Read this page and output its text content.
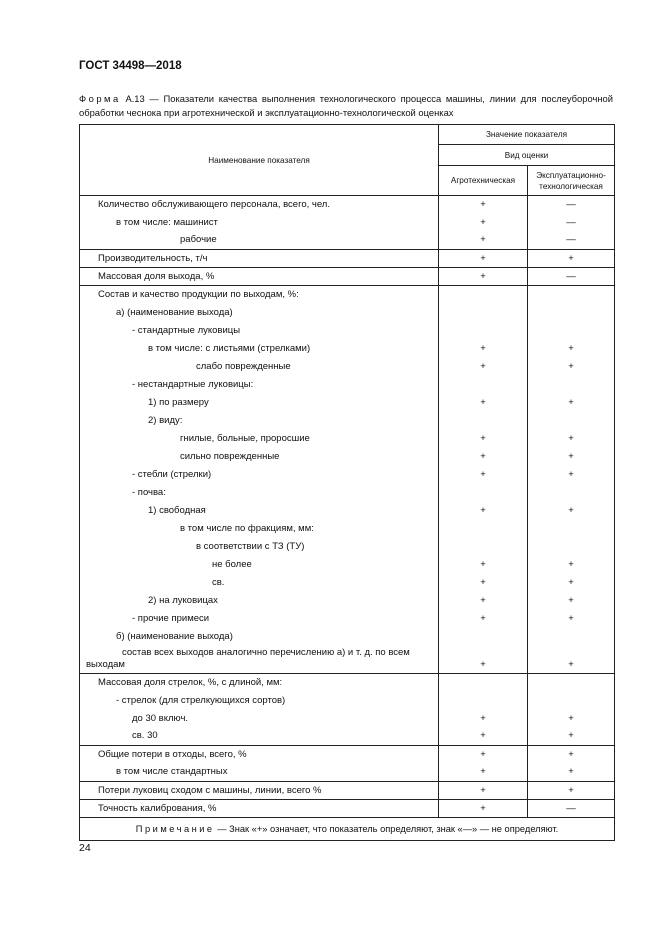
ГОСТ 34498—2018
Форма А.13 — Показатели качества выполнения технологического процесса машины, линии для послеуборочной обработки чеснока при агротехнической и эксплуатационно-технологической оценках
Наименование показателя	Значение показателя	
	Вид оценки	
	Агротехническая	Эксплуатационно-технологическая
Количество обслуживающего персонала, всего, чел.	+	—
в том числе: машинист	+	—
рабочие	+	—
Производительность, т/ч	+	+
Массовая доля выхода, %	+	—
Состав и качество продукции по выходам, %:		
а) (наименование выхода)		
- стандартные луковицы		
в том числе: с листьями (стрелками)	+	+
слабо поврежденные	+	+
- нестандартные луковицы:		
1) по размеру	+	+
2) виду:		
гнилые, больные, проросшие	+	+
сильно поврежденные	+	+
- стебли (стрелки)	+	+
- почва:		
1) свободная	+	+
в том числе по фракциям, мм:		
в соответствии с ТЗ (ТУ)		
не более	+	+
св.	+	+
2) на луковицах	+	+
- прочие примеси	+	+
б) (наименование выхода)		

состав всех выходов аналогично перечислению а) и т. д. по всем
выходам	+	+
Массовая доля стрелок, %, с длиной, мм:		
- стрелок (для стрелкующихся сортов)		
до 30 включ.	+	+
св. 30	+	+
Общие потери в отходы, всего, %	+	+
в том числе стандартных	+	+
Потери луковиц сходом с машины, линии, всего %	+	+
Точность калибрования, %	+	—
Примечание — Знак «+» означает, что показатель определяют, знак «—» — не определяют.		
24
